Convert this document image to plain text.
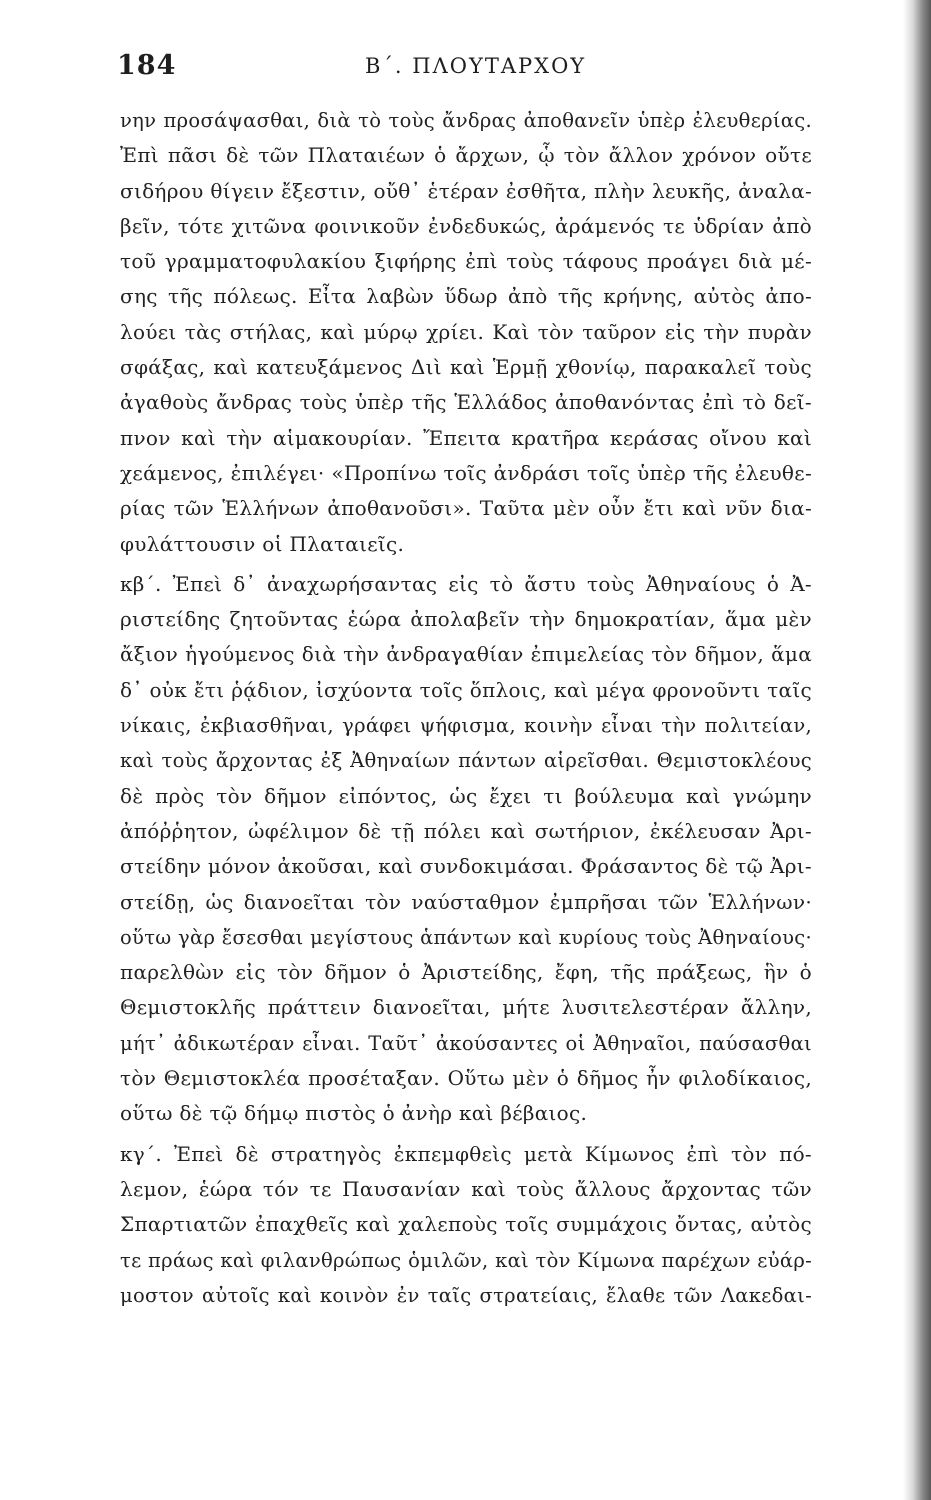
184	Β΄. ΠΛΟΥΤΑΡΧΟΥ
νην προσάψασθαι, διὰ τὸ τοὺς ἄνδρας ἀποθανεῖν ὑπὲρ ἐλευθερίας.
Ἐπὶ πᾶσι δὲ τῶν Πλαταιέων ὁ ἄρχων, ᾧ τὸν ἄλλον χρόνον οὔτε
σιδήρου θίγειν ἔξεστιν, οὔθ᾽ ἑτέραν ἐσθῆτα, πλὴν λευκῆς, ἀναλα-
βεῖν, τότε χιτῶνα φοινικοῦν ἐνδεδυκώς, ἀράμενός τε ὑδρίαν ἀπὸ
τοῦ γραμματοφυλακίου ξιφήρης ἐπὶ τοὺς τάφους προάγει διὰ μέ-
σης τῆς πόλεως. Εἶτα λαβὼν ὕδωρ ἀπὸ τῆς κρήνης, αὐτὸς ἀπο-
λούει τὰς στήλας, καὶ μύρῳ χρίει. Καὶ τὸν ταῦρον εἰς τὴν πυρὰν
σφάξας, καὶ κατευξάμενος Διὶ καὶ Ἑρμῇ χθονίῳ, παρακαλεῖ τοὺς
ἀγαθοὺς ἄνδρας τοὺς ὑπὲρ τῆς Ἑλλάδος ἀποθανόντας ἐπὶ τὸ δεῖ-
πνον καὶ τὴν αἱμακουρίαν. Ἔπειτα κρατῆρα κεράσας οἴνου καὶ
χεάμενος, ἐπιλέγει· «Προπίνω τοῖς ἀνδράσι τοῖς ὑπὲρ τῆς ἐλευθε-
ρίας τῶν Ἑλλήνων ἀποθανοῦσι». Ταῦτα μὲν οὖν ἔτι καὶ νῦν δια-
φυλάττουσιν οἱ Πλαταιεῖς.
κβ΄. Ἐπεὶ δ᾽ ἀναχωρήσαντας εἰς τὸ ἄστυ τοὺς Ἀθηναίους ὁ Ἀ-
ριστείδης ζητοῦντας ἑώρα ἀπολαβεῖν τὴν δημοκρατίαν, ἅμα μὲν
ἄξιον ἡγούμενος διὰ τὴν ἀνδραγαθίαν ἐπιμελείας τὸν δῆμον, ἅμα
δ᾽ οὐκ ἔτι ῥᾴδιον, ἰσχύοντα τοῖς ὅπλοις, καὶ μέγα φρονοῦντι ταῖς
νίκαις, ἐκβιασθῆναι, γράφει ψήφισμα, κοινὴν εἶναι τὴν πολιτείαν,
καὶ τοὺς ἄρχοντας ἐξ Ἀθηναίων πάντων αἱρεῖσθαι. Θεμιστοκλέους
δὲ πρὸς τὸν δῆμον εἰπόντος, ὡς ἔχει τι βούλευμα καὶ γνώμην
ἀπόῤῥητον, ὠφέλιμον δὲ τῇ πόλει καὶ σωτήριον, ἐκέλευσαν Ἀρι-
στείδην μόνον ἀκοῦσαι, καὶ συνδοκιμάσαι. Φράσαντος δὲ τῷ Ἀρι-
στείδῃ, ὡς διανοεῖται τὸν ναύσταθμον ἐμπρῆσαι τῶν Ἑλλήνων·
οὕτω γὰρ ἔσεσθαι μεγίστους ἁπάντων καὶ κυρίους τοὺς Ἀθηναίους·
παρελθὼν εἰς τὸν δῆμον ὁ Ἀριστείδης, ἔφη, τῆς πράξεως, ἣν ὁ
Θεμιστοκλῆς πράττειν διανοεῖται, μήτε λυσιτελεστέραν ἄλλην,
μήτ᾽ ἀδικωτέραν εἶναι. Ταῦτ᾽ ἀκούσαντες οἱ Ἀθηναῖοι, παύσασθαι
τὸν Θεμιστοκλέα προσέταξαν. Οὕτω μὲν ὁ δῆμος ἦν φιλοδίκαιος,
οὕτω δὲ τῷ δήμῳ πιστὸς ὁ ἀνὴρ καὶ βέβαιος.
κγ΄. Ἐπεὶ δὲ στρατηγὸς ἐκπεμφθεὶς μετὰ Κίμωνος ἐπὶ τὸν πό-
λεμον, ἑώρα τόν τε Παυσανίαν καὶ τοὺς ἄλλους ἄρχοντας τῶν
Σπαρτιατῶν ἐπαχθεῖς καὶ χαλεποὺς τοῖς συμμάχοις ὄντας, αὐτὸς
τε πράως καὶ φιλανθρώπως ὁμιλῶν, καὶ τὸν Κίμωνα παρέχων εὐάρ-
μοστον αὐτοῖς καὶ κοινὸν ἐν ταῖς στρατείαις, ἔλαθε τῶν Λακεδαι-
